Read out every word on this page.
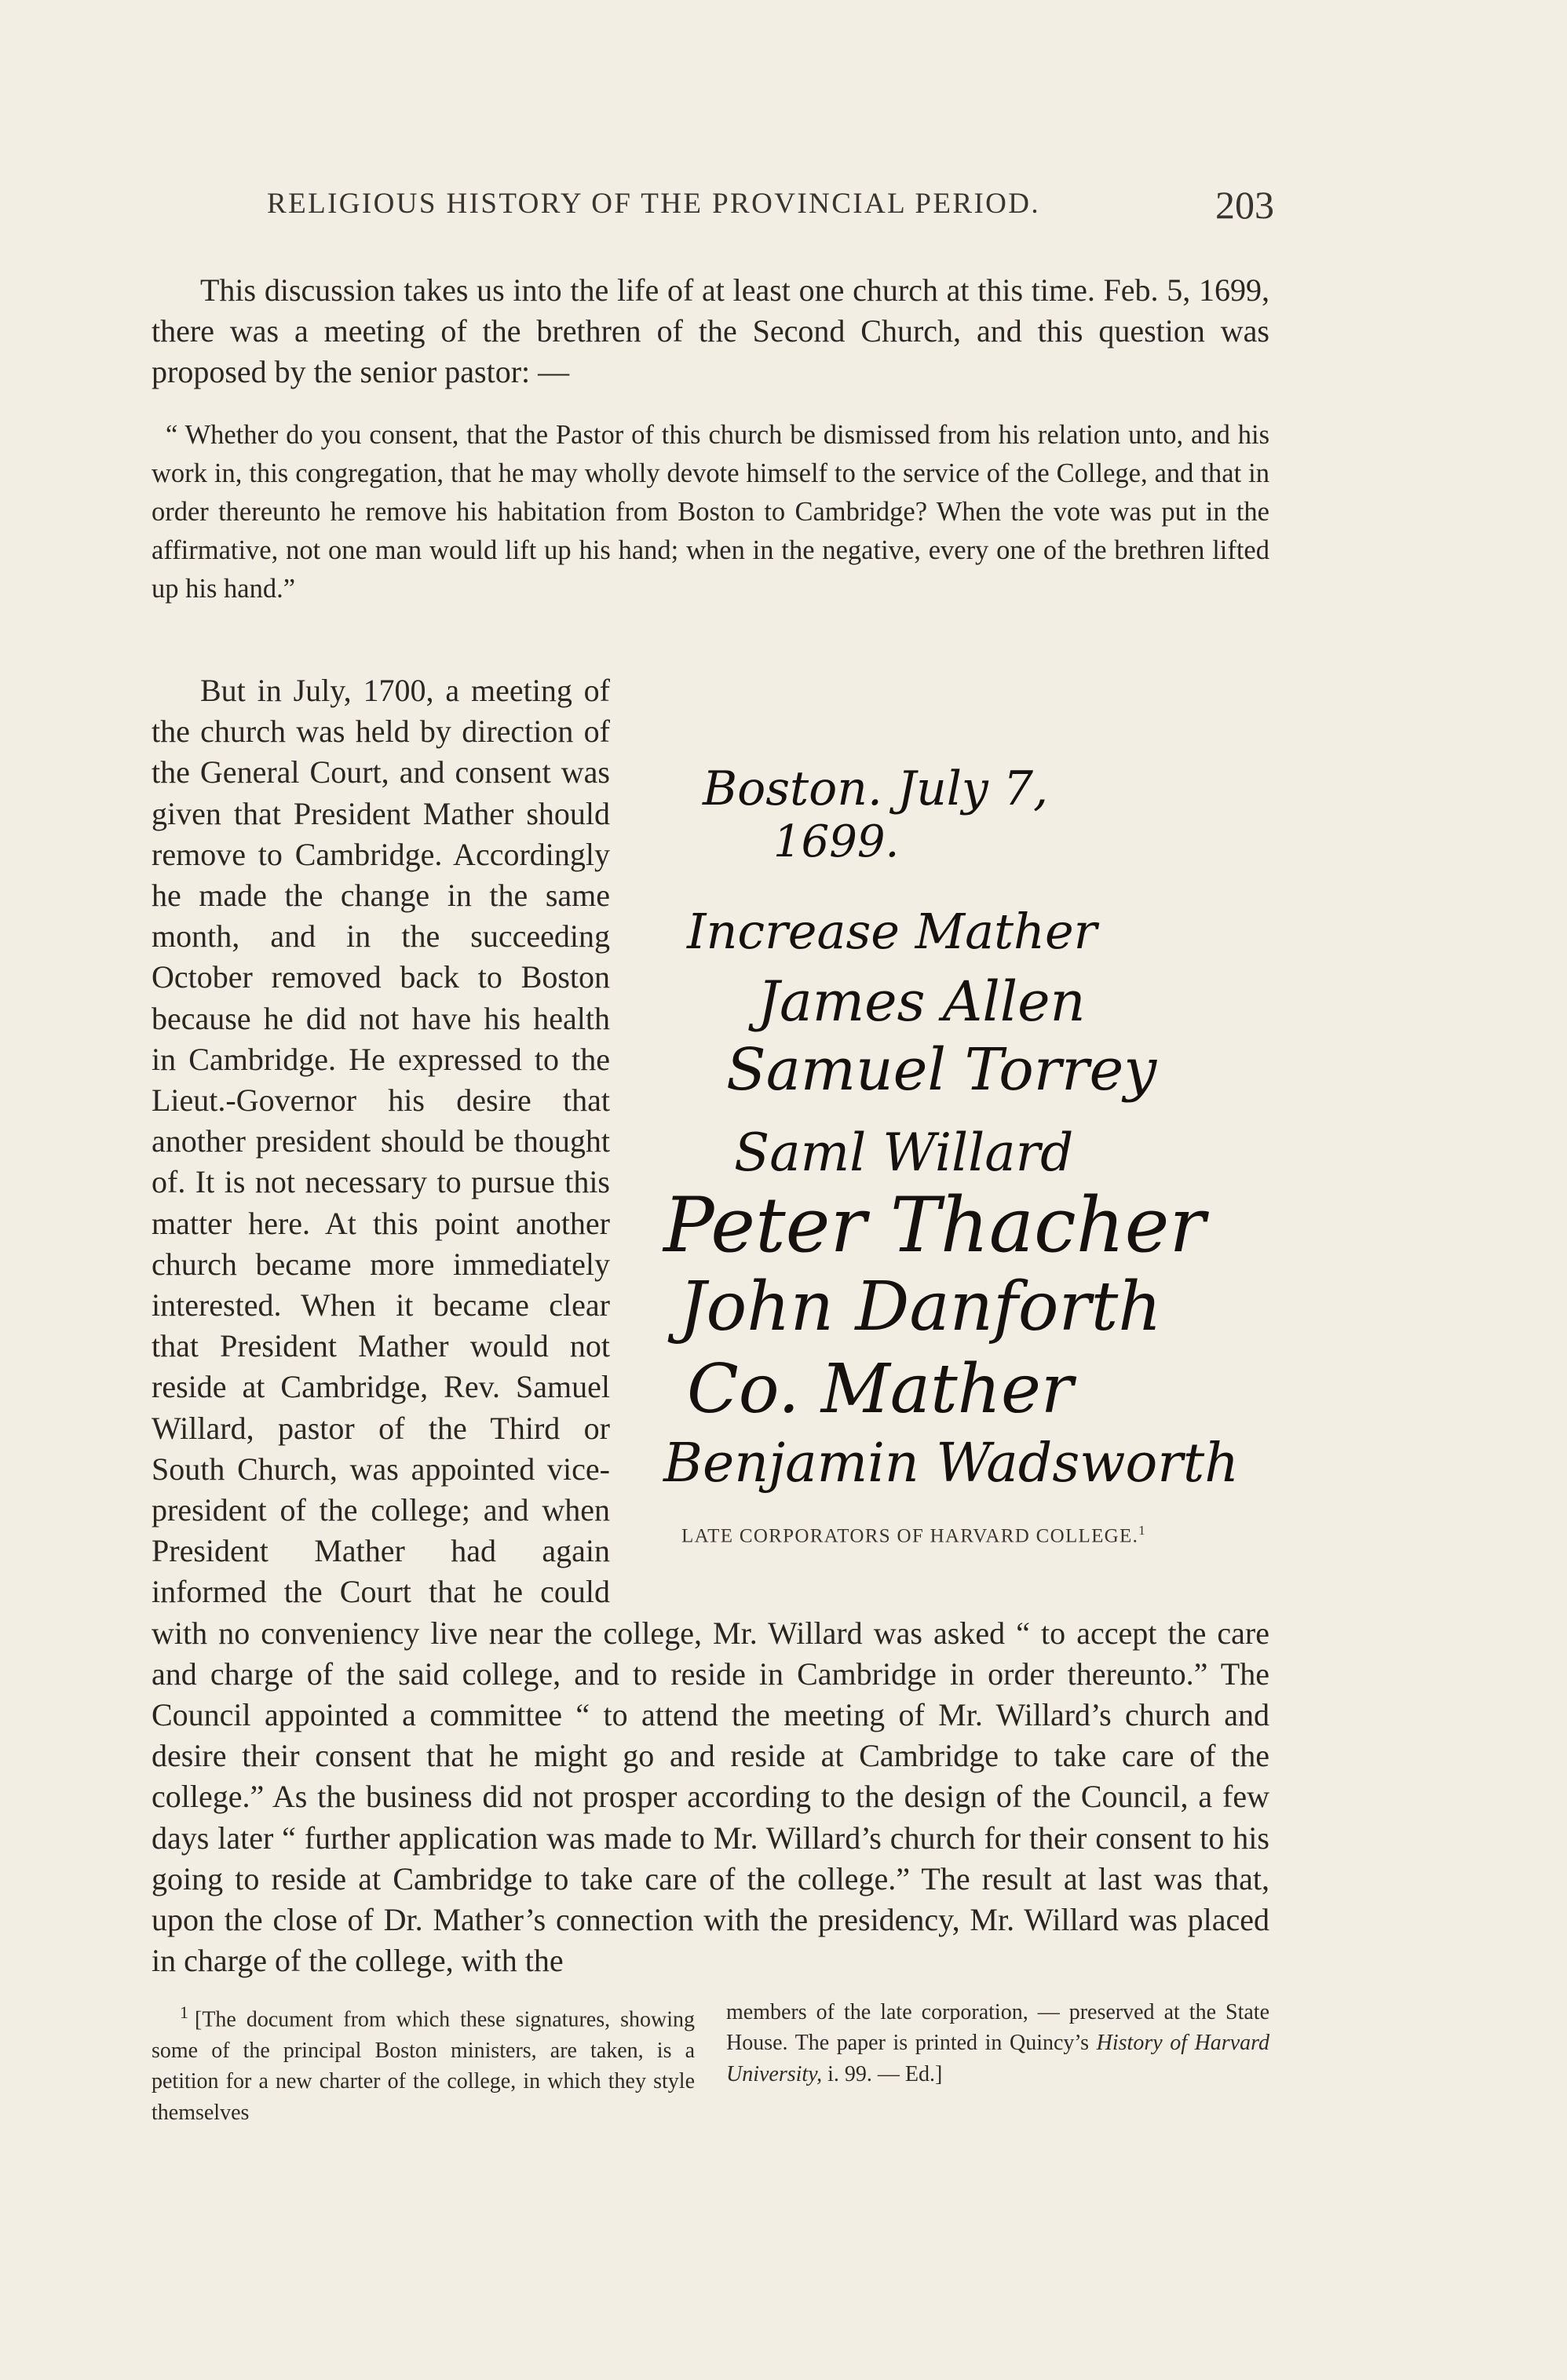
RELIGIOUS HISTORY OF THE PROVINCIAL PERIOD.	203

This discussion takes us into the life of at least one church at this time. Feb. 5, 1699, there was a meeting of the brethren of the Second Church, and this question was proposed by the senior pastor: —

“ Whether do you consent, that the Pastor of this church be dismissed from his relation unto, and his work in, this congregation, that he may wholly devote himself to the service of the College, and that in order thereunto he remove his habitation from Boston to Cambridge? When the vote was put in the affirmative, not one man would lift up his hand; when in the negative, every one of the brethren lifted up his hand.”

But in July, 1700, a meeting of the church was held by direction of the General Court, and consent was given that President Mather should remove to Cambridge. Accordingly he made the change in the same month, and in the succeeding October removed back to Boston because he did not have his health in Cambridge. He expressed to the Lieut.-Governor his desire that another president should be thought of. It is not necessary to pursue this matter here. At this point another church became more immediately interested. When it became clear that President Mather would not reside at Cambridge, Rev. Samuel Willard, pastor of the Third or South Church, was appointed vice-president of the college; and when President Mather had again informed the Court that he could with no conveniency live near the college, Mr. Willard was asked “ to accept the care and charge of the said college, and to reside in Cambridge in order thereunto.” The Council appointed a committee “ to attend the meeting of Mr. Willard’s church and desire their consent that he might go and reside at Cambridge to take care of the college.” As the business did not prosper according to the design of the Council, a few days later “ further application was made to Mr. Willard’s church for their consent to his going to reside at Cambridge to take care of the college.” The result at last was that, upon the close of Dr. Mather’s connection with the presidency, Mr. Willard was placed in charge of the college, with the
Boston. July 7,
1699.
Increase Mather
James Allen
Samuel Torrey
Saml Willard
Peter Thacher
John Danforth
Co. Mather
Benjamin Wadsworth
LATE CORPORATORS OF HARVARD COLLEGE.$^1$
$^1$ [The document from which these signatures, showing some of the principal Boston ministers, are taken, is a petition for a new charter of the college, in which they style themselves
members of the late corporation, — preserved at the State House. The paper is printed in Quincy’s History of Harvard University, i. 99. — Ed.]
